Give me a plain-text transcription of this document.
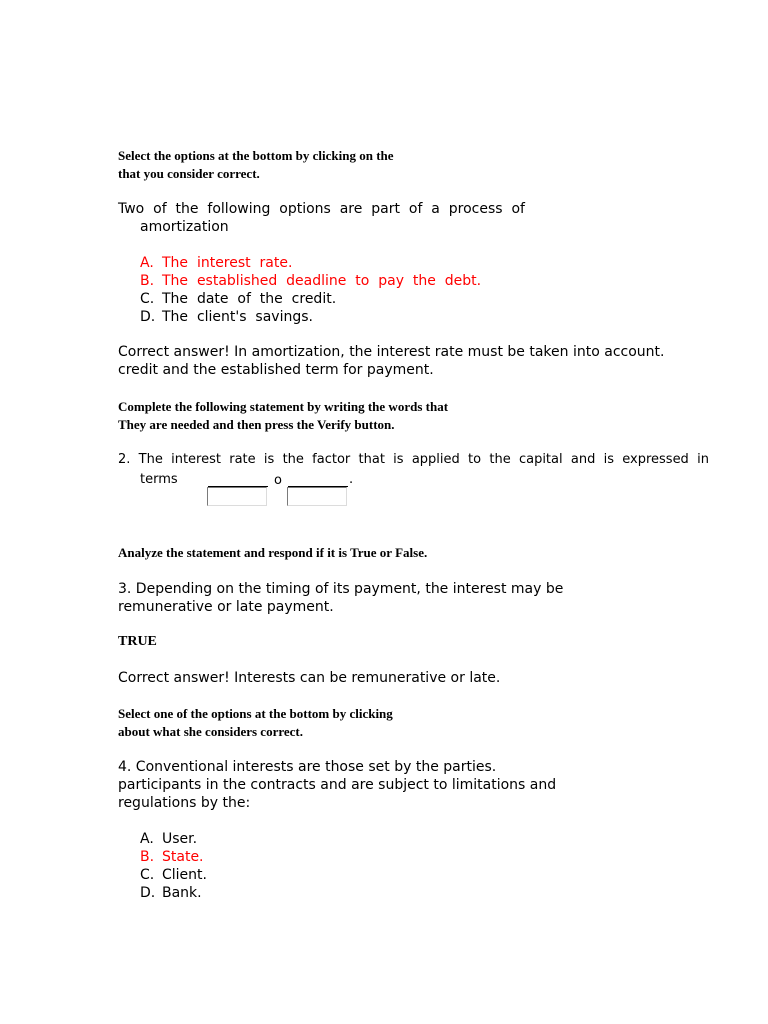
Select the options at the bottom by clicking on the
that you consider correct.
Two  of  the  following  options  are  part  of  a  process  of
amortization
A. The  interest  rate.
B. The  established  deadline  to  pay  the  debt.
C. The  date  of  the  credit.
D. The  client's  savings.
Correct answer! In amortization, the interest rate must be taken into account.
credit and the established term for payment.
Complete the following statement by writing the words that
They are needed and then press the Verify button.
2.  The  interest  rate  is  the  factor  that  is  applied  to  the  capital  and  is  expressed  in
terms	o	.
Analyze the statement and respond if it is True or False.
3. Depending on the timing of its payment, the interest may be
remunerative or late payment.
TRUE
Correct answer! Interests can be remunerative or late.
Select one of the options at the bottom by clicking
about what she considers correct.
4. Conventional interests are those set by the parties.
participants in the contracts and are subject to limitations and
regulations by the:
A. User.
B. State.
C. Client.
D. Bank.
